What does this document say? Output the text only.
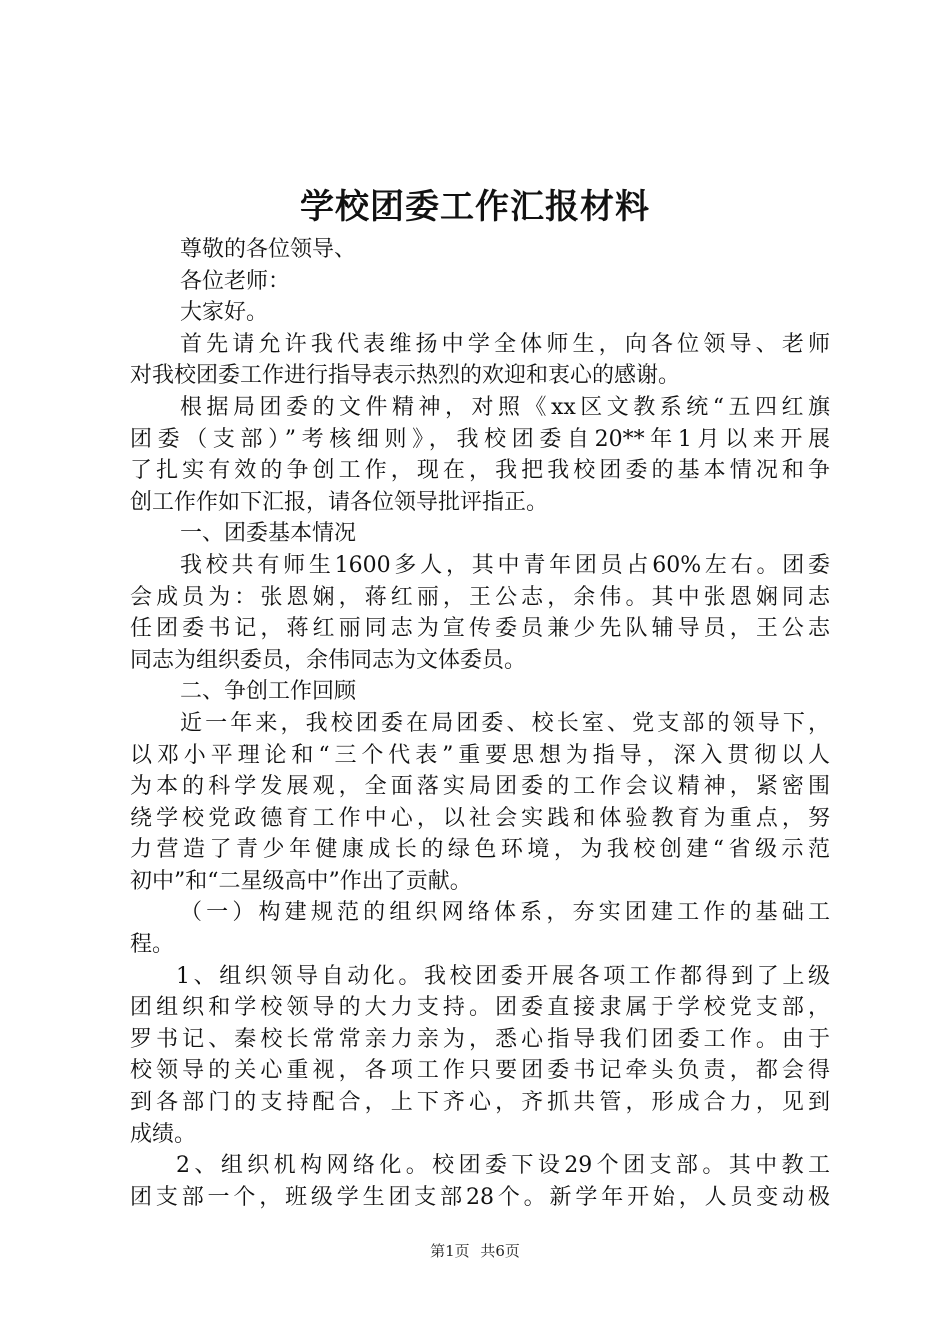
学校团委工作汇报材料
尊敬的各位领导、
各位老师：
大家好。
首先请允许我代表维扬中学全体师生，向各位领导、老师
对我校团委工作进行指导表示热烈的欢迎和衷心的感谢。
根据局团委的文件精神，对照《xx区文教系统“五四红旗
团委（支部）”考核细则》，我校团委自20**年1月以来开展
了扎实有效的争创工作，现在，我把我校团委的基本情况和争
创工作作如下汇报，请各位领导批评指正。
一、团委基本情况
我校共有师生1600多人，其中青年团员占60%左右。团委
会成员为：张恩娴，蒋红丽，王公志，余伟。其中张恩娴同志
任团委书记，蒋红丽同志为宣传委员兼少先队辅导员，王公志
同志为组织委员，余伟同志为文体委员。
二、争创工作回顾
近一年来，我校团委在局团委、校长室、党支部的领导下，
以邓小平理论和“三个代表”重要思想为指导，深入贯彻以人
为本的科学发展观，全面落实局团委的工作会议精神，紧密围
绕学校党政德育工作中心，以社会实践和体验教育为重点，努
力营造了青少年健康成长的绿色环境，为我校创建“省级示范
初中”和“二星级高中”作出了贡献。
（一）构建规范的组织网络体系，夯实团建工作的基础工
程。
1、组织领导自动化。我校团委开展各项工作都得到了上级
团组织和学校领导的大力支持。团委直接隶属于学校党支部，
罗书记、秦校长常常亲力亲为，悉心指导我们团委工作。由于
校领导的关心重视，各项工作只要团委书记牵头负责，都会得
到各部门的支持配合，上下齐心，齐抓共管，形成合力，见到
成绩。
2、组织机构网络化。校团委下设29个团支部。其中教工
团支部一个，班级学生团支部28个。新学年开始，人员变动极
第1页 共6页
